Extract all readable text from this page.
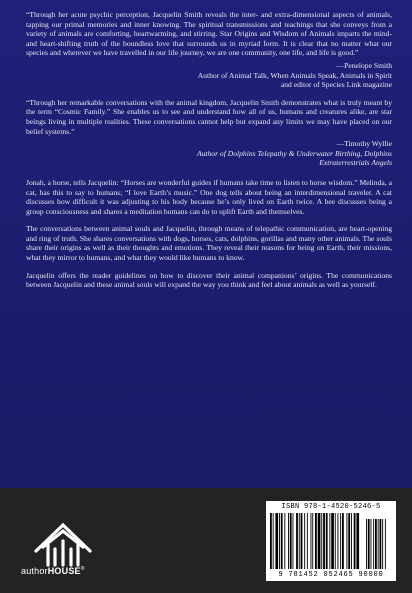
“Through her acute psychic perception, Jacquelin Smith reveals the inter- and extra-dimensional aspects of animals, tapping our primal memories and inner knowing. The spiritual transmissions and teachings that she conveys from a variety of animals are comforting, heartwarming, and stirring. Star Origins and Wisdom of Animals imparts the mind- and heart-shifting truth of the boundless love that surrounds us in myriad form. It is clear that no matter what our species and wherever we have travelled in our life journey, we are one community, one life, and life is good.”

—Penelope Smith
Author of Animal Talk, When Animals Speak, Animals in Spirit
and editor of Species Link magazine

“Through her remarkable conversations with the animal kingdom, Jacquelin Smith demonstrates what is truly meant by the term “Cosmic Family.” She enables us to see and understand how all of us, humans and creatures alike, are star beings living in multiple realities. These conversations cannot help but expand any limits we may have placed on our belief systems.”

—Timothy Wyllie
Author of Dolphins Telepathy & Underwater Birthing, Dolphins
Extraterrestrials Angels

Jonah, a horse, tells Jacquelin: “Horses are wonderful guides if humans take time to listen to horse wisdom.” Melinda, a cat, has this to say to humans; “I love Earth’s music.” One dog tells about being an interdimensional traveler. A cat discusses how difficult it was adjusting to his body because he’s only lived on Earth twice. A bee discusses being a group consciousness and shares a meditation humans can do to uplift Earth and themselves.

The conversations between animal souls and Jacquelin, through means of telepathic communication, are heart-opening and ring of truth. She shares conversations with dogs, horses, cats, dolphins, gorillas and many other animals. The souls share their origins as well as their thoughts and emotions. They reveal their reasons for being on Earth, their missions, what they mirror to humans, and what they would like humans to know.

Jacquelin offers the reader guidelines on how to discover their animal companions’ origins. The communications between Jacquelin and these animal souls will expand the way you think and feel about animals as well as yourself.

authorHOUSE®
ISBN 978-1-4520-5246-5
9 781452 052465 90000
